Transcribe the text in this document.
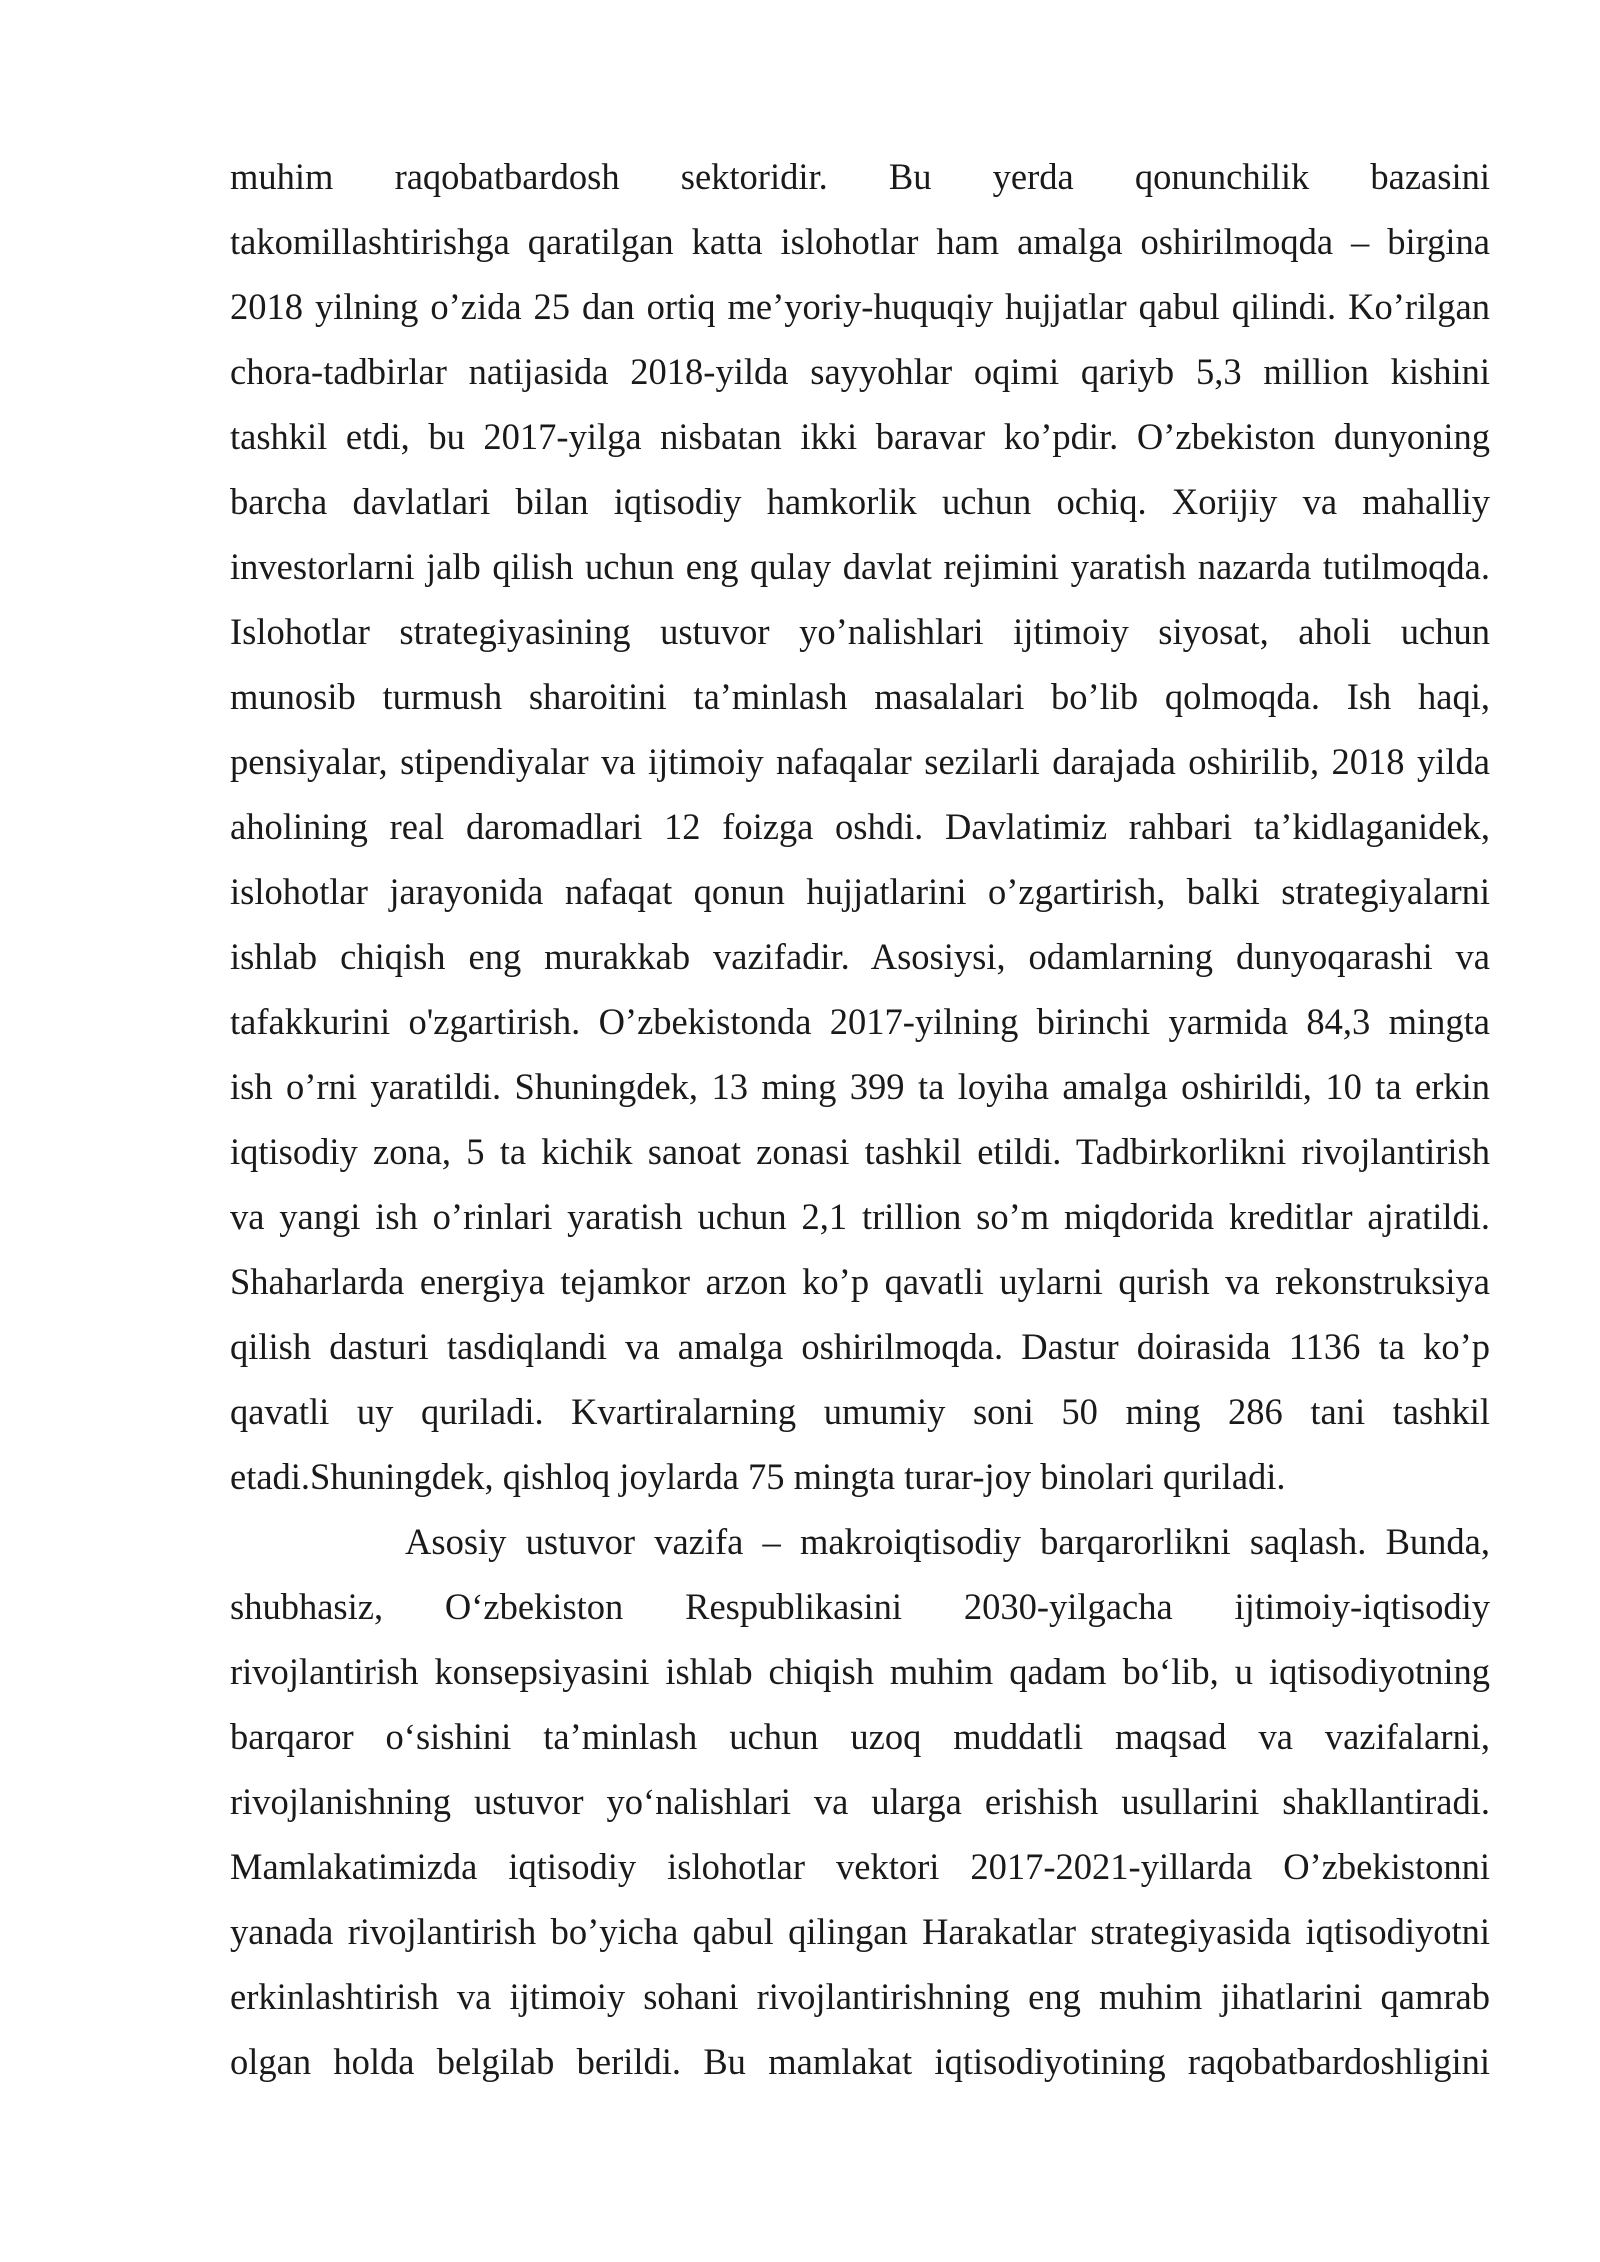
muhim raqobatbardosh sektoridir. Bu yerda qonunchilik bazasini
takomillashtirishga qaratilgan katta islohotlar ham amalga oshirilmoqda – birgina
2018 yilning o’zida 25 dan ortiq me’yoriy-huquqiy hujjatlar qabul qilindi. Ko’rilgan
chora-tadbirlar natijasida 2018-yilda sayyohlar oqimi qariyb 5,3 million kishini
tashkil etdi, bu 2017-yilga nisbatan ikki baravar ko’pdir. O’zbekiston dunyoning
barcha davlatlari bilan iqtisodiy hamkorlik uchun ochiq. Xorijiy va mahalliy
investorlarni jalb qilish uchun eng qulay davlat rejimini yaratish nazarda tutilmoqda.
Islohotlar strategiyasining ustuvor yo’nalishlari ijtimoiy siyosat, aholi uchun
munosib turmush sharoitini ta’minlash masalalari bo’lib qolmoqda. Ish haqi,
pensiyalar, stipendiyalar va ijtimoiy nafaqalar sezilarli darajada oshirilib, 2018 yilda
aholining real daromadlari 12 foizga oshdi. Davlatimiz rahbari ta’kidlaganidek,
islohotlar jarayonida nafaqat qonun hujjatlarini o’zgartirish, balki strategiyalarni
ishlab chiqish eng murakkab vazifadir. Asosiysi, odamlarning dunyoqarashi va
tafakkurini o'zgartirish. O’zbekistonda 2017-yilning birinchi yarmida 84,3 mingta
ish o’rni yaratildi. Shuningdek, 13 ming 399 ta loyiha amalga oshirildi, 10 ta erkin
iqtisodiy zona, 5 ta kichik sanoat zonasi tashkil etildi. Tadbirkorlikni rivojlantirish
va yangi ish o’rinlari yaratish uchun 2,1 trillion so’m miqdorida kreditlar ajratildi.
Shaharlarda energiya tejamkor arzon ko’p qavatli uylarni qurish va rekonstruksiya
qilish dasturi tasdiqlandi va amalga oshirilmoqda. Dastur doirasida 1136 ta ko’p
qavatli uy quriladi. Kvartiralarning umumiy soni 50 ming 286 tani tashkil
etadi.Shuningdek, qishloq joylarda 75 mingta turar-joy binolari quriladi.
Asosiy ustuvor vazifa – makroiqtisodiy barqarorlikni saqlash. Bunda,
shubhasiz, O‘zbekiston Respublikasini 2030-yilgacha ijtimoiy-iqtisodiy
rivojlantirish konsepsiyasini ishlab chiqish muhim qadam bo‘lib, u iqtisodiyotning
barqaror o‘sishini ta’minlash uchun uzoq muddatli maqsad va vazifalarni,
rivojlanishning ustuvor yo‘nalishlari va ularga erishish usullarini shakllantiradi.
Mamlakatimizda iqtisodiy islohotlar vektori 2017-2021-yillarda O’zbekistonni
yanada rivojlantirish bo’yicha qabul qilingan Harakatlar strategiyasida iqtisodiyotni
erkinlashtirish va ijtimoiy sohani rivojlantirishning eng muhim jihatlarini qamrab
olgan holda belgilab berildi. Bu mamlakat iqtisodiyotining raqobatbardoshligini
